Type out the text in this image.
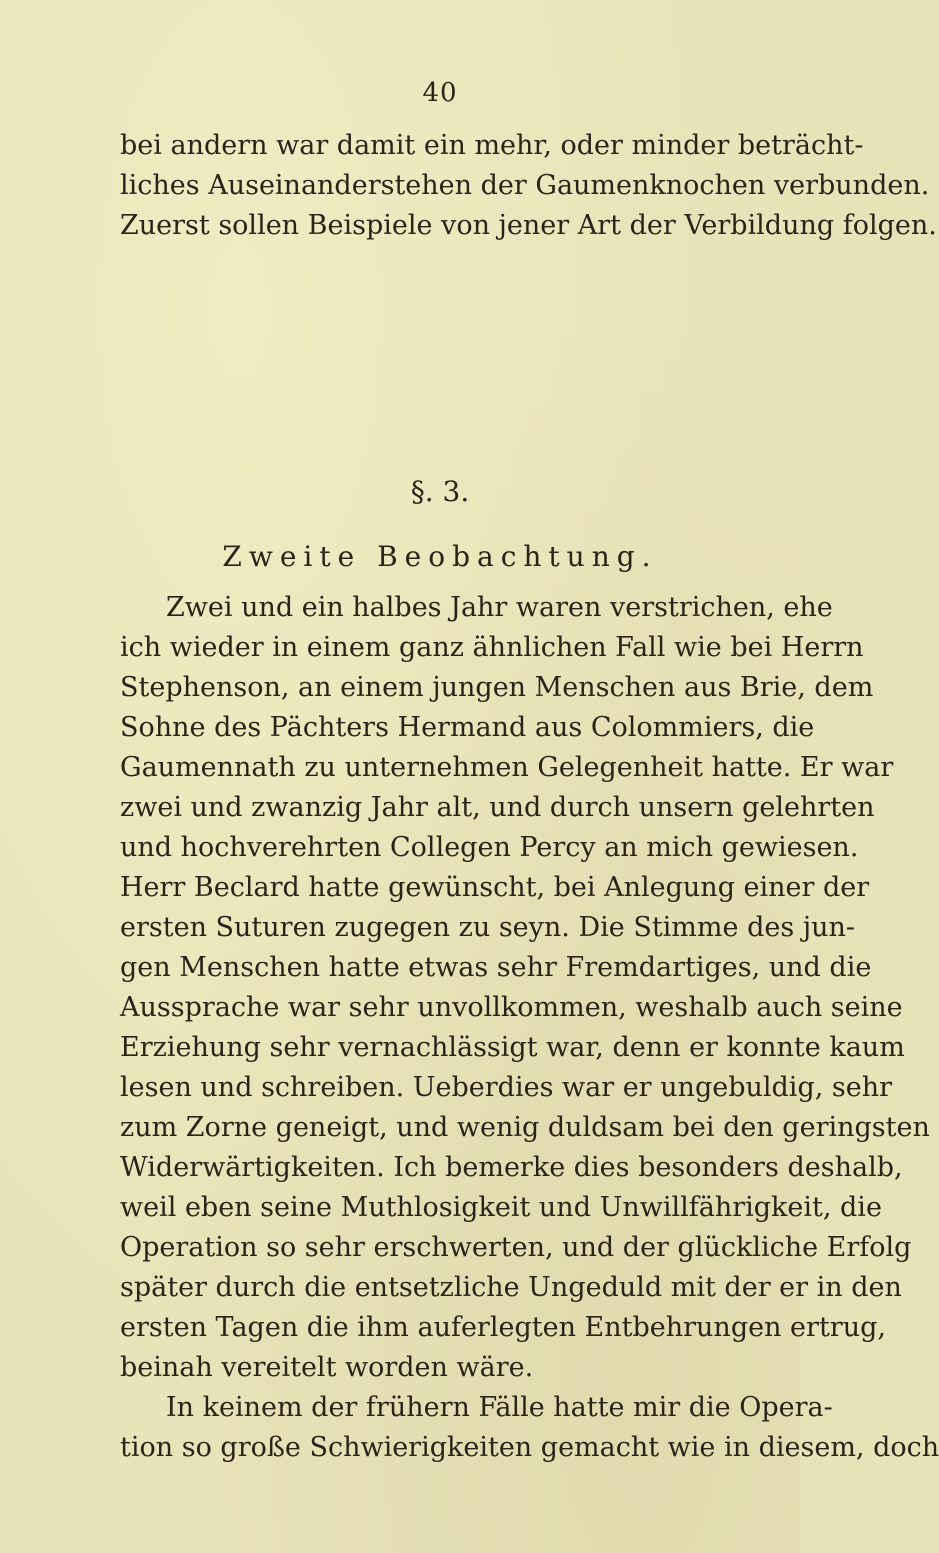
40
bei andern war damit ein mehr, oder minder beträcht-
liches Auseinanderstehen der Gaumenknochen verbunden.
Zuerst sollen Beispiele von jener Art der Verbildung folgen.
§. 3.
Zweite Beobachtung.
Zwei und ein halbes Jahr waren verstrichen, ehe
ich wieder in einem ganz ähnlichen Fall wie bei Herrn
Stephenson, an einem jungen Menschen aus Brie, dem
Sohne des Pächters Hermand aus Colommiers, die
Gaumennath zu unternehmen Gelegenheit hatte. Er war
zwei und zwanzig Jahr alt, und durch unsern gelehrten
und hochverehrten Collegen Percy an mich gewiesen.
Herr Beclard hatte gewünscht, bei Anlegung einer der
ersten Suturen zugegen zu seyn. Die Stimme des jun-
gen Menschen hatte etwas sehr Fremdartiges, und die
Aussprache war sehr unvollkommen, weshalb auch seine
Erziehung sehr vernachlässigt war, denn er konnte kaum
lesen und schreiben. Ueberdies war er ungebuldig, sehr
zum Zorne geneigt, und wenig duldsam bei den geringsten
Widerwärtigkeiten. Ich bemerke dies besonders deshalb,
weil eben seine Muthlosigkeit und Unwillfährigkeit, die
Operation so sehr erschwerten, und der glückliche Erfolg
später durch die entsetzliche Ungeduld mit der er in den
ersten Tagen die ihm auferlegten Entbehrungen ertrug,
beinah vereitelt worden wäre.
In keinem der frühern Fälle hatte mir die Opera-
tion so große Schwierigkeiten gemacht wie in diesem, doch
